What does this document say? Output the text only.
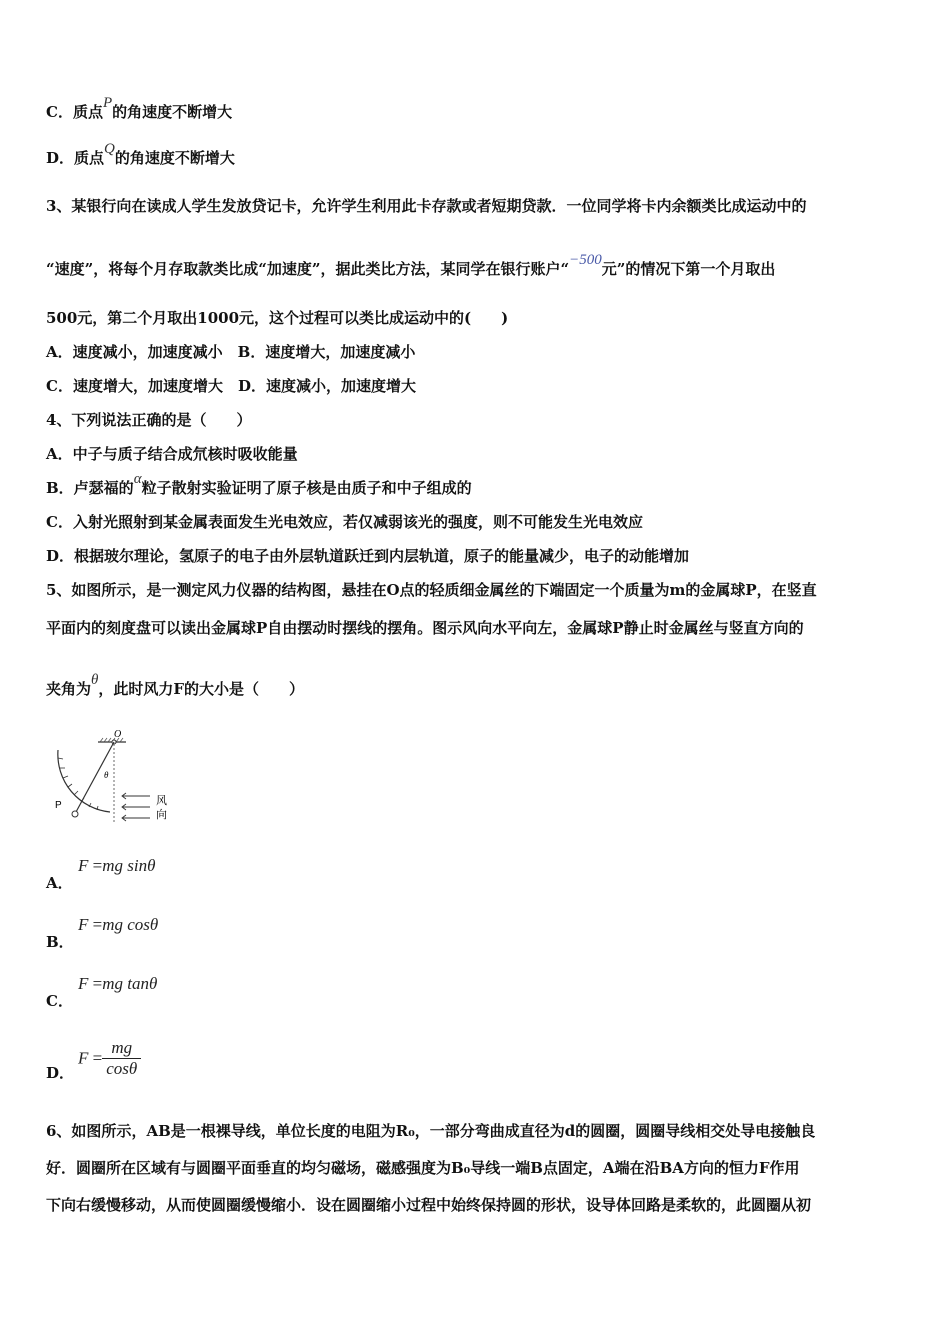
C．质点P的角速度不断增大
D．质点Q的角速度不断增大
3、某银行向在读成人学生发放贷记卡，允许学生利用此卡存款或者短期贷款．一位同学将卡内余额类比成运动中的
“速度”，将每个月存取款类比成“加速度”，据此类比方法，某同学在银行账户“−500元”的情况下第一个月取出
500元，第二个月取出1000元，这个过程可以类比成运动中的(　　)
A．速度减小，加速度减小　B．速度增大，加速度减小
C．速度增大，加速度增大　D．速度减小，加速度增大
4、下列说法正确的是（　　）
A．中子与质子结合成氘核时吸收能量
B．卢瑟福的α粒子散射实验证明了原子核是由质子和中子组成的
C．入射光照射到某金属表面发生光电效应，若仅减弱该光的强度，则不可能发生光电效应
D．根据玻尔理论，氢原子的电子由外层轨道跃迁到内层轨道，原子的能量减少，电子的动能增加
5、如图所示，是一测定风力仪器的结构图，悬挂在O点的轻质细金属丝的下端固定一个质量为m的金属球P，在竖直
平面内的刻度盘可以读出金属球P自由摆动时摆线的摆角。图示风向水平向左，金属球P静止时金属丝与竖直方向的
夹角为θ，此时风力F的大小是（　　）
O
P
θ
风
向
A．
F =mg sinθ
B．
F =mg cosθ
C．
F =mg tanθ
D．
$F = \frac{mg}{\cos\theta}$
6、如图所示，AB是一根裸导线，单位长度的电阻为R₀，一部分弯曲成直径为d的圆圈，圆圈导线相交处导电接触良
好．圆圈所在区域有与圆圈平面垂直的均匀磁场，磁感强度为B₀导线一端B点固定，A端在沿BA方向的恒力F作用
下向右缓慢移动，从而使圆圈缓慢缩小．设在圆圈缩小过程中始终保持圆的形状，设导体回路是柔软的，此圆圈从初
